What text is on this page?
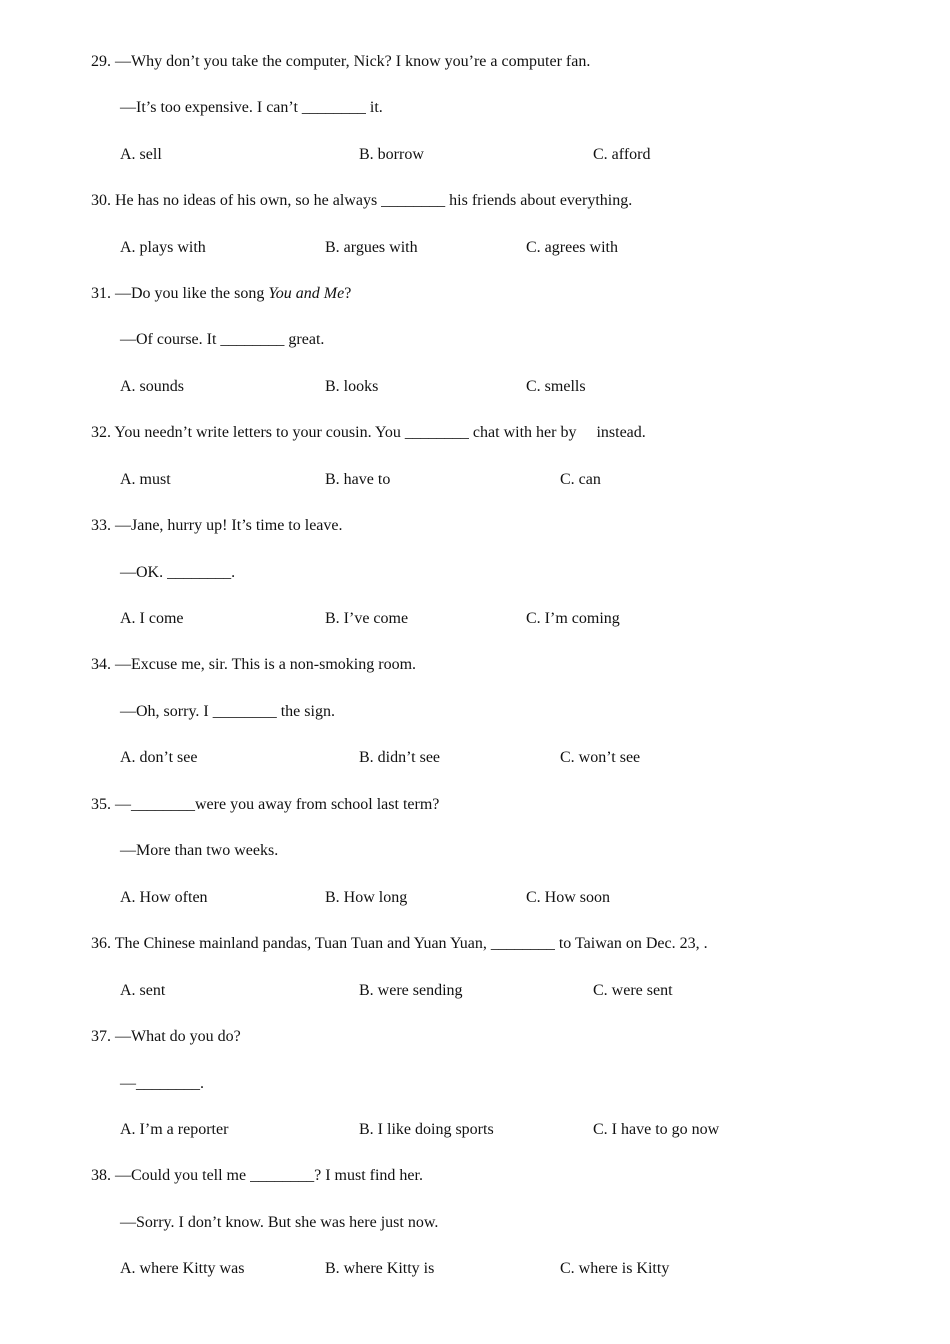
29. —Why don’t you take the computer, Nick? I know you’re a computer fan.
—It’s too expensive. I can’t ________ it.
A. sell	B. borrow	C. afford
30. He has no ideas of his own, so he always ________ his friends about everything.
A. plays with	B. argues with	C. agrees with
31. —Do you like the song You and Me?
—Of course. It ________ great.
A. sounds	B. looks	C. smells
32. You needn’t write letters to your cousin. You ________ chat with her by     instead.
A. must	B. have to	C. can
33. —Jane, hurry up! It’s time to leave.
—OK. ________.
A. I come	B. I’ve come	C. I’m coming
34. —Excuse me, sir. This is a non-smoking room.
—Oh, sorry. I ________ the sign.
A. don’t see	B. didn’t see	C. won’t see
35. —________were you away from school last term?
—More than two weeks.
A. How often	B. How long	C. How soon
36. The Chinese mainland pandas, Tuan Tuan and Yuan Yuan, ________ to Taiwan on Dec. 23, .
A. sent	B. were sending	C. were sent
37. —What do you do?
—________.
A. I’m a reporter	B. I like doing sports	C. I have to go now
38. —Could you tell me ________? I must find her.
—Sorry. I don’t know. But she was here just now.
A. where Kitty was	B. where Kitty is	C. where is Kitty
